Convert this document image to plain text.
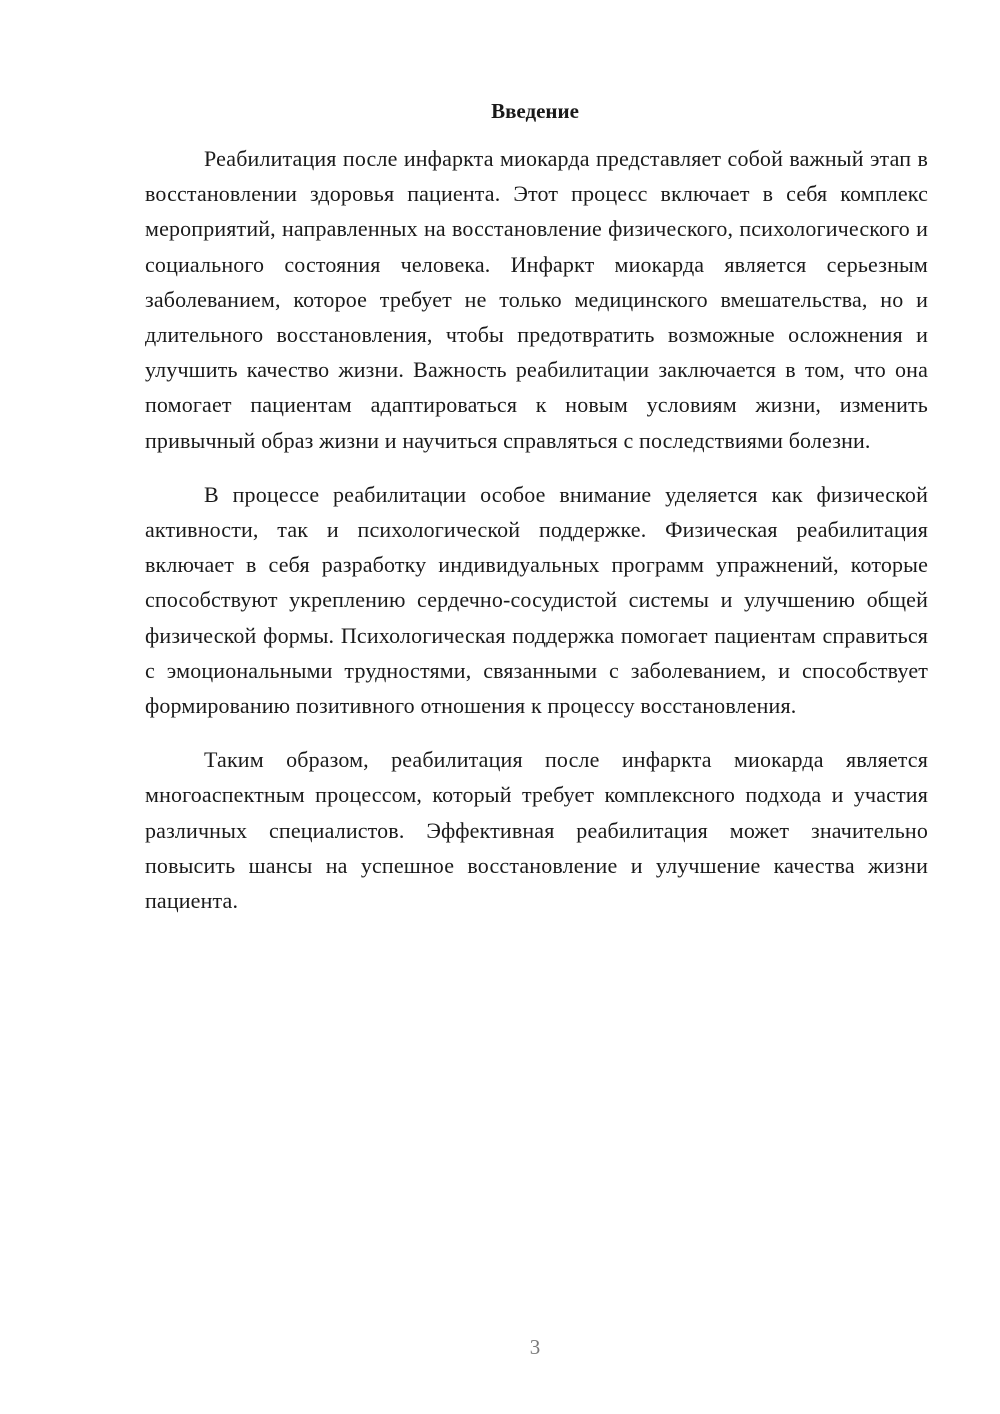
Введение

Реабилитация после инфаркта миокарда представляет собой важный этап в восстановлении здоровья пациента. Этот процесс включает в себя комплекс мероприятий, направленных на восстановление физического, психологического и социального состояния человека. Инфаркт миокарда является серьезным заболеванием, которое требует не только медицинского вмешательства, но и длительного восстановления, чтобы предотвратить возможные осложнения и улучшить качество жизни. Важность реабилитации заключается в том, что она помогает пациентам адаптироваться к новым условиям жизни, изменить привычный образ жизни и научиться справляться с последствиями болезни.

В процессе реабилитации особое внимание уделяется как физической активности, так и психологической поддержке. Физическая реабилитация включает в себя разработку индивидуальных программ упражнений, которые способствуют укреплению сердечно-сосудистой системы и улучшению общей физической формы. Психологическая поддержка помогает пациентам справиться с эмоциональными трудностями, связанными с заболеванием, и способствует формированию позитивного отношения к процессу восстановления.

Таким образом, реабилитация после инфаркта миокарда является многоаспектным процессом, который требует комплексного подхода и участия различных специалистов. Эффективная реабилитация может значительно повысить шансы на успешное восстановление и улучшение качества жизни пациента.

3
